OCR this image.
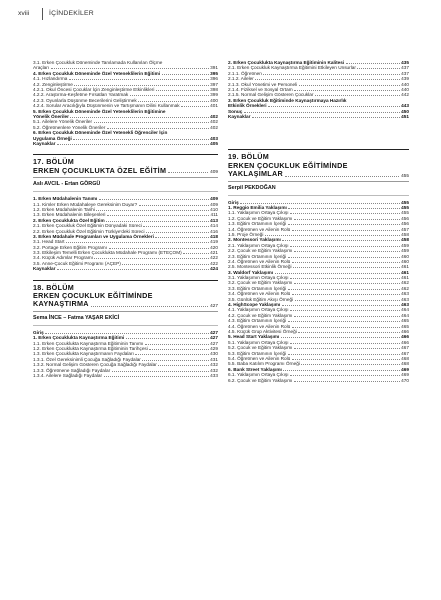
xviii	İÇİNDEKİLER
3.1. Erken Çocukluk Döneminde Tanılamada Kullanılan Ölçme
Araçları	391
4. Erken Çocukluk Döneminde Özel Yeteneklilerin Eğitimi	395
4.1. Hızlandırma	396
4.2. Zenginleştirme	397
4.2.1. Okul Öncesi Çocuklar İçin Zenginleştirme Etkinlikleri	398
4.2.2. Araştırma-Keşfetme Fırsatları Yaratmak	399
4.2.3. Oyunlarla Düşünme Becerilerini Geliştirmek	400
4.2.4. Sorular Aracılığıyla Düşünmenin ve Tartışmanın Dilini Kullanmak	401
5. Erken Çocukluk Döneminde Özel Yeteneklilerin Eğitimine
Yönelik Öneriler	402
5.1. Ailelere Yönelik Öneriler	402
5.2. Öğretmenlere Yönelik Öneriler	402
6. Erken Çocukluk Döneminde Özel Yetenekli Öğrenciler İçin
Uygulama Örneği	403
Kaynaklar	405
17. BÖLÜM
ERKEN ÇOCUKLUKTA ÖZEL EĞİTİM	409
Aslı AVCIL - Ertan GÖRGÜ
1. Erken Müdahalenin Tanımı	409
1.1. Kimler Erken Müdahaleye Gereksinim Duyar?	409
1.2. Erken Müdahalenin Tarihi	410
1.3. Erken Müdahalenin Bileşenleri	411
2. Erken Çocuklukta Özel Eğitim	413
2.1. Erken Çocukluk Özel Eğitimin Dünyadaki Süreci	414
2.2. Erken Çocukluk Özel Eğitimin Türkiye'deki Süreci	416
3. Erken Müdahale Programları ve Uygulama Örnekleri	418
3.1. Head Start	419
3.2. Portage Erken Eğitim Programı	420
3.3. Etkileşim Temelli Erken Çocuklukta Müdahale Programı (ETEÇOM)	421
3.4. Küçük Adımlar Programı	422
3.5. Anne-Çocuk Eğitimi Programı (AÇEP)	422
Kaynaklar	424
18. BÖLÜM
ERKEN ÇOCUKLUK EĞİTİMİNDE
KAYNAŞTIRMA	427
Sema İNCE – Fatma YAŞAR EKİCİ
Giriş	427
1. Erken Çocuklukta Kaynaştırma Eğitimi	427
1.1. Erken Çocuklukta Kaynaştırma Eğitiminin Tanımı	427
1.2. Erken Çocuklukta Kaynaştırma Eğitiminin Tarihçesi	429
1.3. Erken Çocuklukta Kaynaştırmanın Faydaları	430
1.3.1. Özel Gereksinimli Çocuğa Sağladığı Faydalar	431
1.3.2. Normal Gelişim Gösteren Çocuğa Sağladığı Faydalar	432
1.3.3. Öğretmene Sağladığı Faydalar	432
1.3.4. Ailelere Sağladığı Faydalar	433
2. Erken Çocuklukta Kaynaştırma Eğitiminin Kalitesi	435
2.1. Erken Çocukluk Kaynaştırma Eğitimini Etkileyen Unsurlar	437
2.1.1. Öğretmen	437
2.1.2. Aileler	439
2.1.3. Okul Yönetimi ve Personeli	440
2.1.4. Fiziksel ve Sosyal Ortam	440
2.1.5. Normal Gelişim Gösteren Çocuklar	442
3. Erken Çocukluk Eğitiminde Kaynaştırmaya Hazırlık
Etkinlik Örnekleri	443
Sonuç	450
Kaynaklar	451
19. BÖLÜM
ERKEN ÇOCUKLUK EĞİTİMİNDE
YAKLAŞIMLAR	455
Serpil PEKDOĞAN
Giriş	455
1. Reggio Emilia Yaklaşımı	455
1.1. Yaklaşımın Ortaya Çıkışı	455
1.2. Çocuk ve Eğitim Yaklaşımı	456
1.3. Eğitim Ortamının İçeriği	456
1.4. Öğretmen ve Ailenin Rolü	457
1.5. Proje Örneği	458
2. Montessori Yaklaşımı	458
2.1. Yaklaşımın Ortaya Çıkışı	459
2.2. Çocuk ve Eğitim Yaklaşımı	459
2.3. Eğitim Ortamının İçeriği	460
2.4. Öğretmen ve Ailenin Rolü	460
2.5. Montessori Etkinlik Örneği	461
3. Waldorf Yaklaşımı	461
3.1. Yaklaşımın Ortaya Çıkışı	461
3.2. Çocuk ve Eğitim Yaklaşımı	462
3.3. Eğitim Ortamının İçeriği	462
3.4. Öğretmen ve Ailenin Rolü	463
3.5. Günlük Eğitim Akışı Örneği	463
4. HighScope Yaklaşımı	463
4.1. Yaklaşımın Ortaya Çıkışı	464
4.2. Çocuk ve Eğitim Yaklaşımı	464
4.3. Eğitim Ortamının İçeriği	465
4.4. Öğretmen ve Ailenin Rolü	465
4.5. Küçük Grup Aktivitesi Örneği	466
5. Head Start Yaklaşımı	466
5.1. Yaklaşımın Ortaya Çıkışı	466
5.2. Çocuk ve Eğitim Yaklaşımı	467
5.3. Eğitim Ortamının İçeriği	467
5.4. Öğretmen ve Ailenin Rolü	468
5.5. Baba Katılım Programı Örneği	468
6. Bank Street Yaklaşımı	469
6.1. Yaklaşımın Ortaya Çıkışı	469
6.2. Çocuk ve Eğitim Yaklaşımı	470
